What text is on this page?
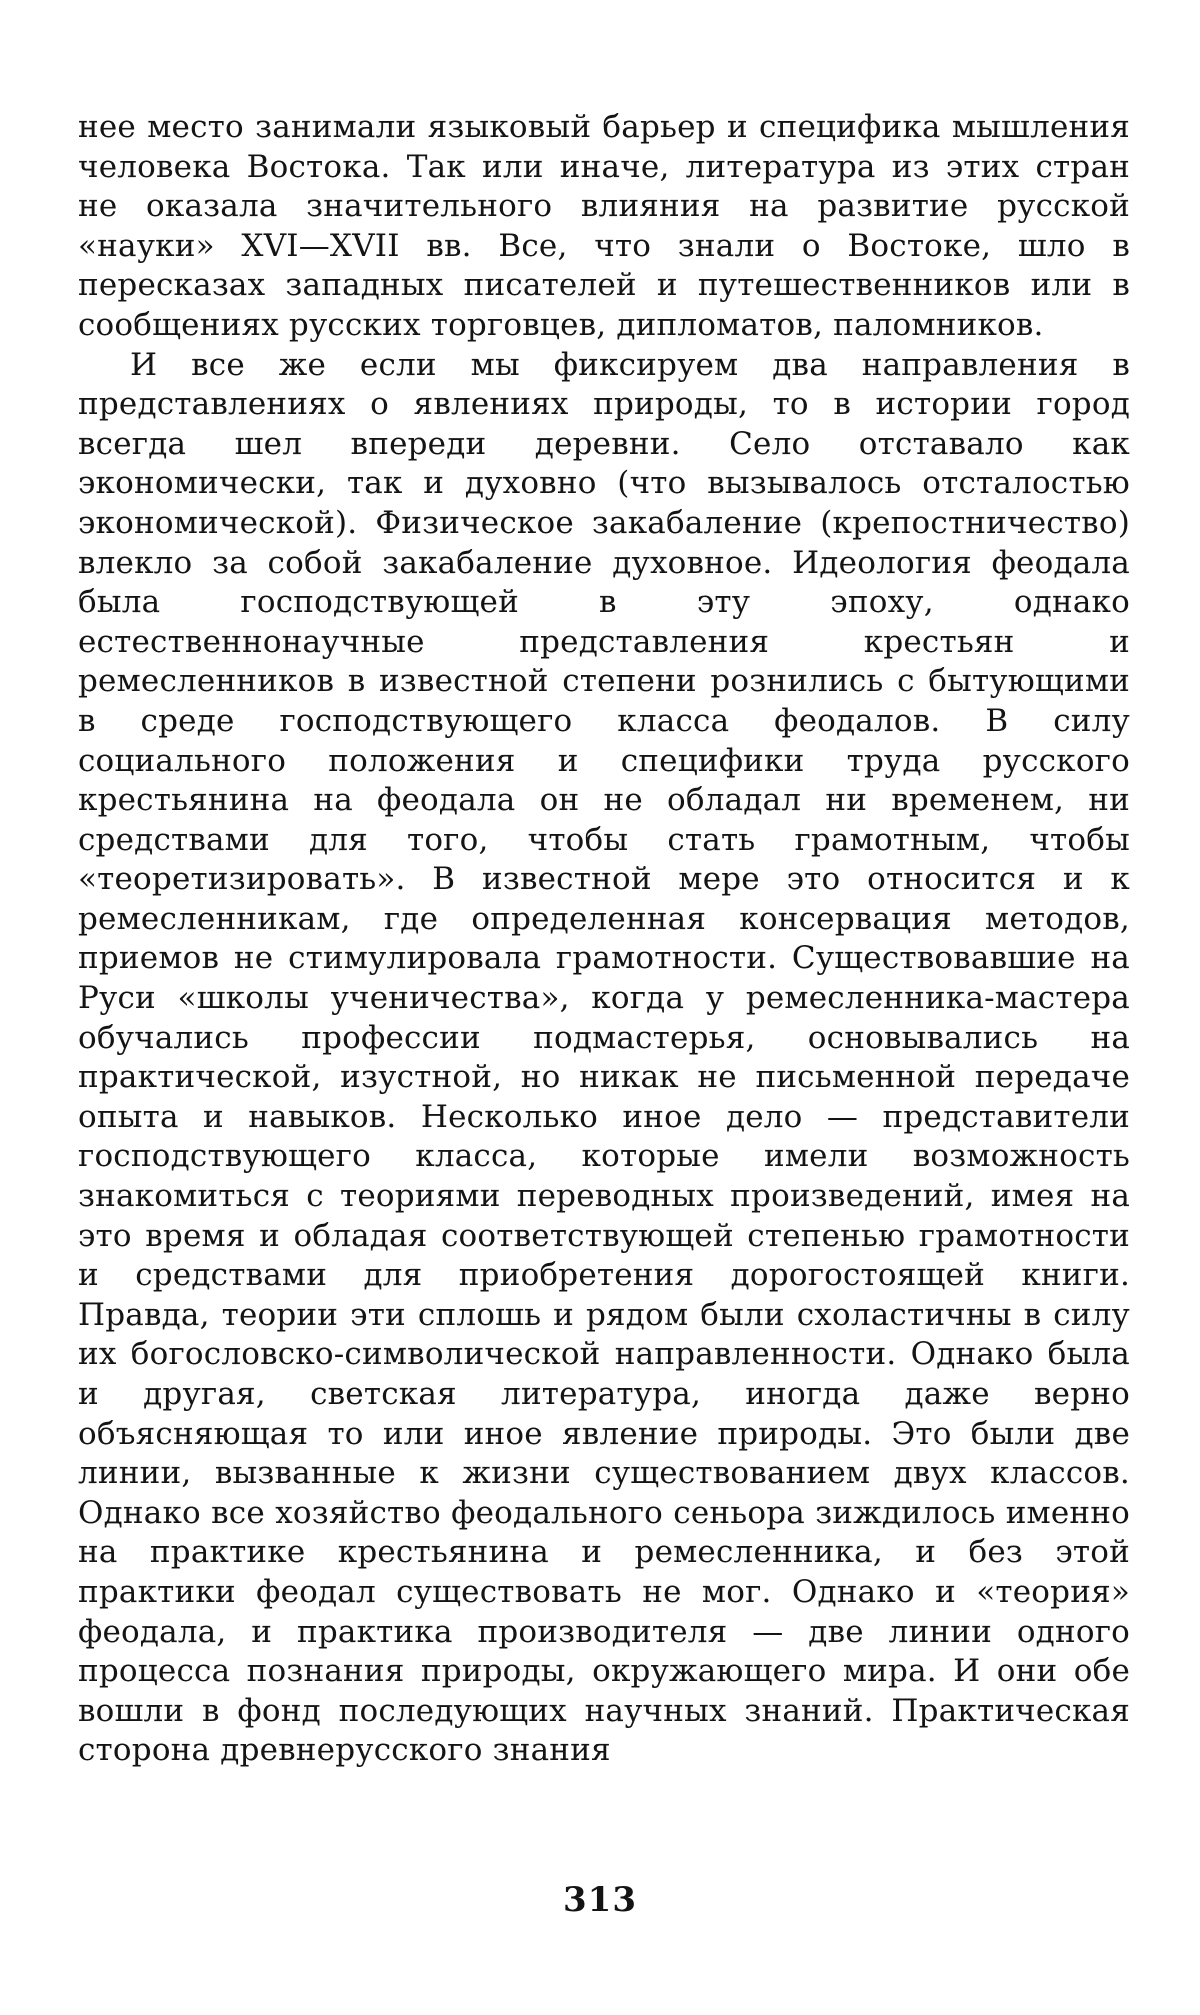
нее место занимали языковый барьер и специфика мышления человека Востока. Так или иначе, литература из этих стран не оказала значительного влияния на развитие русской «науки» XVI—XVII вв. Все, что знали о Востоке, шло в пересказах западных писателей и путешественников или в сообщениях русских торговцев, дипломатов, паломников.

И все же если мы фиксируем два направления в представлениях о явлениях природы, то в истории город всегда шел впереди деревни. Село отставало как экономически, так и духовно (что вызывалось отсталостью экономической). Физическое закабаление (крепостничество) влекло за собой закабаление духовное. Идеология феодала была господствующей в эту эпоху, однако естественнонаучные представления крестьян и ремесленников в известной степени рознились с бытующими в среде господствующего класса феодалов. В силу социального положения и специфики труда русского крестьянина на феодала он не обладал ни временем, ни средствами для того, чтобы стать грамотным, чтобы «теоретизировать». В известной мере это относится и к ремесленникам, где определенная консервация методов, приемов не стимулировала грамотности. Существовавшие на Руси «школы ученичества», когда у ремесленника-мастера обучались профессии подмастерья, основывались на практической, изустной, но никак не письменной передаче опыта и навыков. Несколько иное дело — представители господствующего класса, которые имели возможность знакомиться с теориями переводных произведений, имея на это время и обладая соответствующей степенью грамотности и средствами для приобретения дорогостоящей книги. Правда, теории эти сплошь и рядом были схоластичны в силу их богословско-символической направленности. Однако была и другая, светская литература, иногда даже верно объясняющая то или иное явление природы. Это были две линии, вызванные к жизни существованием двух классов. Однако все хозяйство феодального сеньора зиждилось именно на практике крестьянина и ремесленника, и без этой практики феодал существовать не мог. Однако и «теория» феодала, и практика производителя — две линии одного процесса познания природы, окружающего мира. И они обе вошли в фонд последующих научных знаний. Практическая сторона древнерусского знания

313
